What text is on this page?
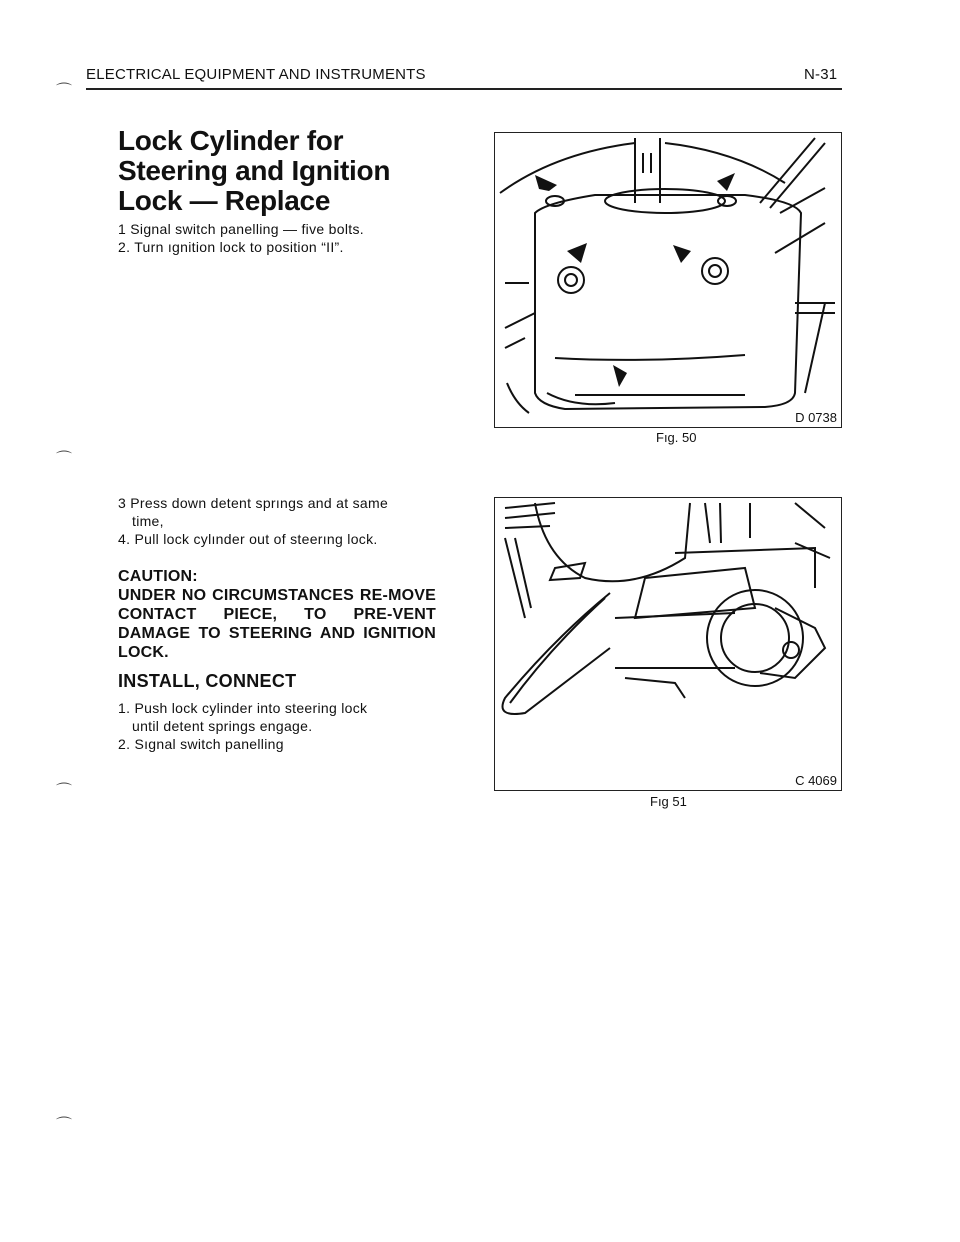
ELECTRICAL EQUIPMENT AND INSTRUMENTS	N-31
⌒
⌒
⌒
⌒
Lock Cylinder for Steering and Ignition Lock — Replace
1 Signal switch panelling — five bolts.
2. Turn ıgnition lock to position “II”.
3 Press down detent sprıngs and at same
time,
4. Pull lock cylınder out of steerıng lock.
CAUTION:
UNDER NO CIRCUMSTANCES RE-MOVE CONTACT PIECE, TO PRE-VENT DAMAGE TO STEERING AND IGNITION LOCK.
INSTALL, CONNECT
1. Push lock cylinder into steering lock
until detent springs engage.
2. Sıgnal switch panelling
D 0738
Fıg. 50
C 4069
Fıg 51
